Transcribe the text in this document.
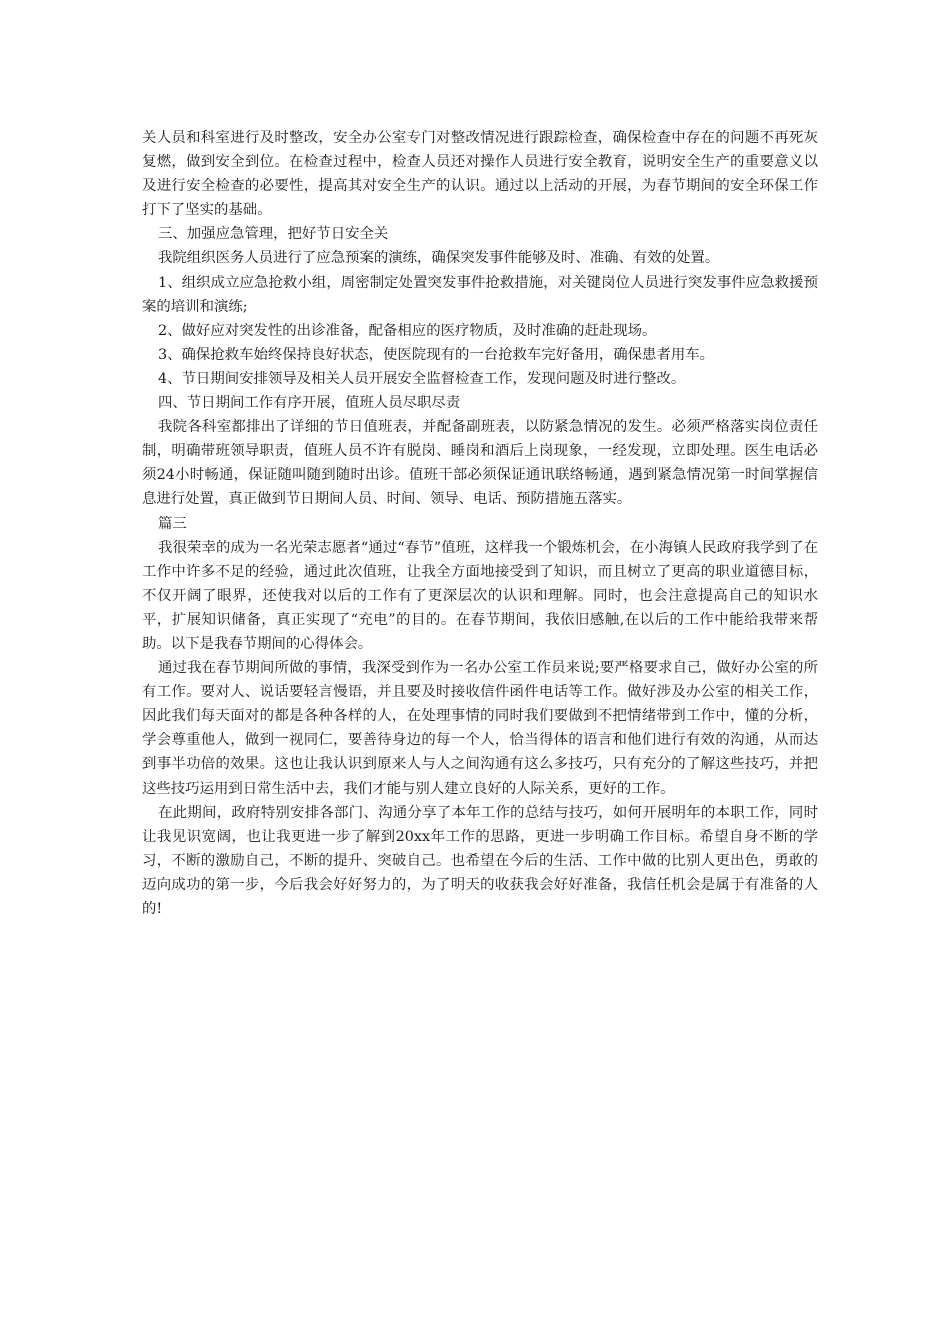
关人员和科室进行及时整改，安全办公室专门对整改情况进行跟踪检查，确保检查中存在的问题不再死灰复燃，做到安全到位。在检查过程中，检查人员还对操作人员进行安全教育，说明安全生产的重要意义以及进行安全检查的必要性，提高其对安全生产的认识。通过以上活动的开展，为春节期间的安全环保工作打下了坚实的基础。

三、加强应急管理，把好节日安全关

我院组织医务人员进行了应急预案的演练，确保突发事件能够及时、准确、有效的处置。

1、组织成立应急抢救小组，周密制定处置突发事件抢救措施，对关键岗位人员进行突发事件应急救援预案的培训和演练;

2、做好应对突发性的出诊准备，配备相应的医疗物质，及时准确的赶赴现场。

3、确保抢救车始终保持良好状态，使医院现有的一台抢救车完好备用，确保患者用车。

4、节日期间安排领导及相关人员开展安全监督检查工作，发现问题及时进行整改。

四、节日期间工作有序开展，值班人员尽职尽责

我院各科室都排出了详细的节日值班表，并配备副班表，以防紧急情况的发生。必须严格落实岗位责任制，明确带班领导职责，值班人员不许有脱岗、睡岗和酒后上岗现象，一经发现，立即处理。医生电话必须24小时畅通，保证随叫随到随时出诊。值班干部必须保证通讯联络畅通，遇到紧急情况第一时间掌握信息进行处置，真正做到节日期间人员、时间、领导、电话、预防措施五落实。

篇三

我很荣幸的成为一名光荣志愿者“通过“春节”值班，这样我一个锻炼机会，在小海镇人民政府我学到了在工作中许多不足的经验，通过此次值班，让我全方面地接受到了知识，而且树立了更高的职业道德目标，不仅开阔了眼界，还使我对以后的工作有了更深层次的认识和理解。同时，也会注意提高自己的知识水平，扩展知识储备，真正实现了“充电”的目的。在春节期间，我依旧感触,在以后的工作中能给我带来帮助。以下是我春节期间的心得体会。

通过我在春节期间所做的事情，我深受到作为一名办公室工作员来说;要严格要求自己，做好办公室的所有工作。要对人、说话要轻言慢语，并且要及时接收信件函件电话等工作。做好涉及办公室的相关工作，因此我们每天面对的都是各种各样的人，在处理事情的同时我们要做到不把情绪带到工作中，懂的分析，学会尊重他人，做到一视同仁，要善待身边的每一个人，恰当得体的语言和他们进行有效的沟通，从而达到事半功倍的效果。这也让我认识到原来人与人之间沟通有这么多技巧，只有充分的了解这些技巧，并把这些技巧运用到日常生活中去，我们才能与别人建立良好的人际关系，更好的工作。

在此期间，政府特别安排各部门、沟通分享了本年工作的总结与技巧，如何开展明年的本职工作，同时让我见识宽阔，也让我更进一步了解到20xx年工作的思路，更进一步明确工作目标。希望自身不断的学习，不断的激励自己，不断的提升、突破自己。也希望在今后的生活、工作中做的比别人更出色，勇敢的迈向成功的第一步，今后我会好好努力的，为了明天的收获我会好好准备，我信任机会是属于有准备的人的!
